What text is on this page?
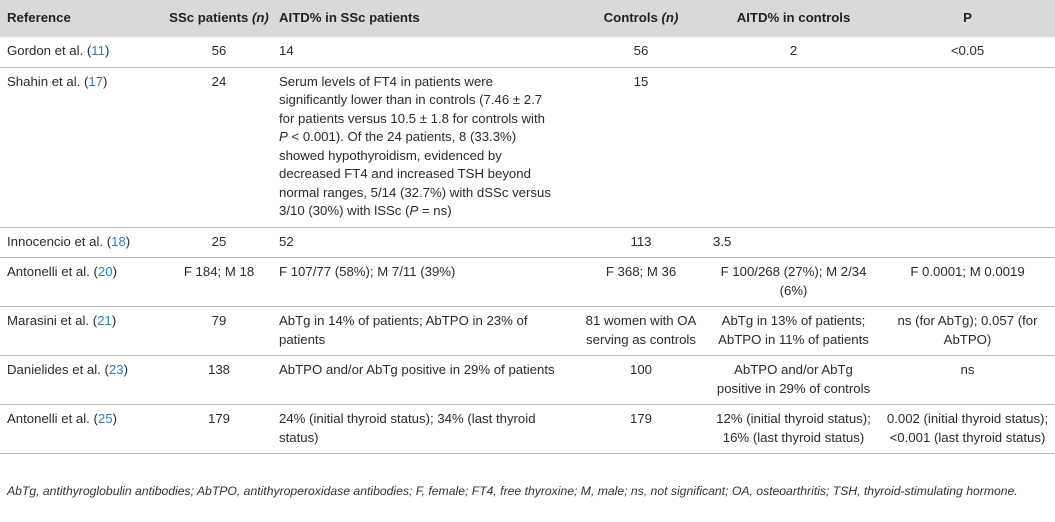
Reference	SSc patients (n)	AITD% in SSc patients	Controls (n)	AITD% in controls	P
Gordon et al. (11)	56	14	56	2	<0.05
Shahin et al. (17)	24	Serum levels of FT4 in patients were significantly lower than in controls (7.46 ± 2.7 for patients versus 10.5 ± 1.8 for controls with P < 0.001). Of the 24 patients, 8 (33.3%) showed hypothyroidism, evidenced by decreased FT4 and increased TSH beyond normal ranges, 5/14 (32.7%) with dSSc versus 3/10 (30%) with lSSc (P = ns)	15		
Innocencio et al. (18)	25	52	113	3.5	
Antonelli et al. (20)	F 184; M 18	F 107/77 (58%); M 7/11 (39%)	F 368; M 36	F 100/268 (27%); M 2/34 (6%)	F 0.0001; M 0.0019
Marasini et al. (21)	79	AbTg in 14% of patients; AbTPO in 23% of patients	81 women with OA serving as controls	AbTg in 13% of patients; AbTPO in 11% of patients	ns (for AbTg); 0.057 (for AbTPO)
Danielides et al. (23)	138	AbTPO and/or AbTg positive in 29% of patients	100	AbTPO and/or AbTg positive in 29% of controls	ns
Antonelli et al. (25)	179	24% (initial thyroid status); 34% (last thyroid status)	179	12% (initial thyroid status); 16% (last thyroid status)	0.002 (initial thyroid status); <0.001 (last thyroid status)
AbTg, antithyroglobulin antibodies; AbTPO, antithyroperoxidase antibodies; F, female; FT4, free thyroxine; M, male; ns, not significant; OA, osteoarthritis; TSH, thyroid-stimulating hormone.
